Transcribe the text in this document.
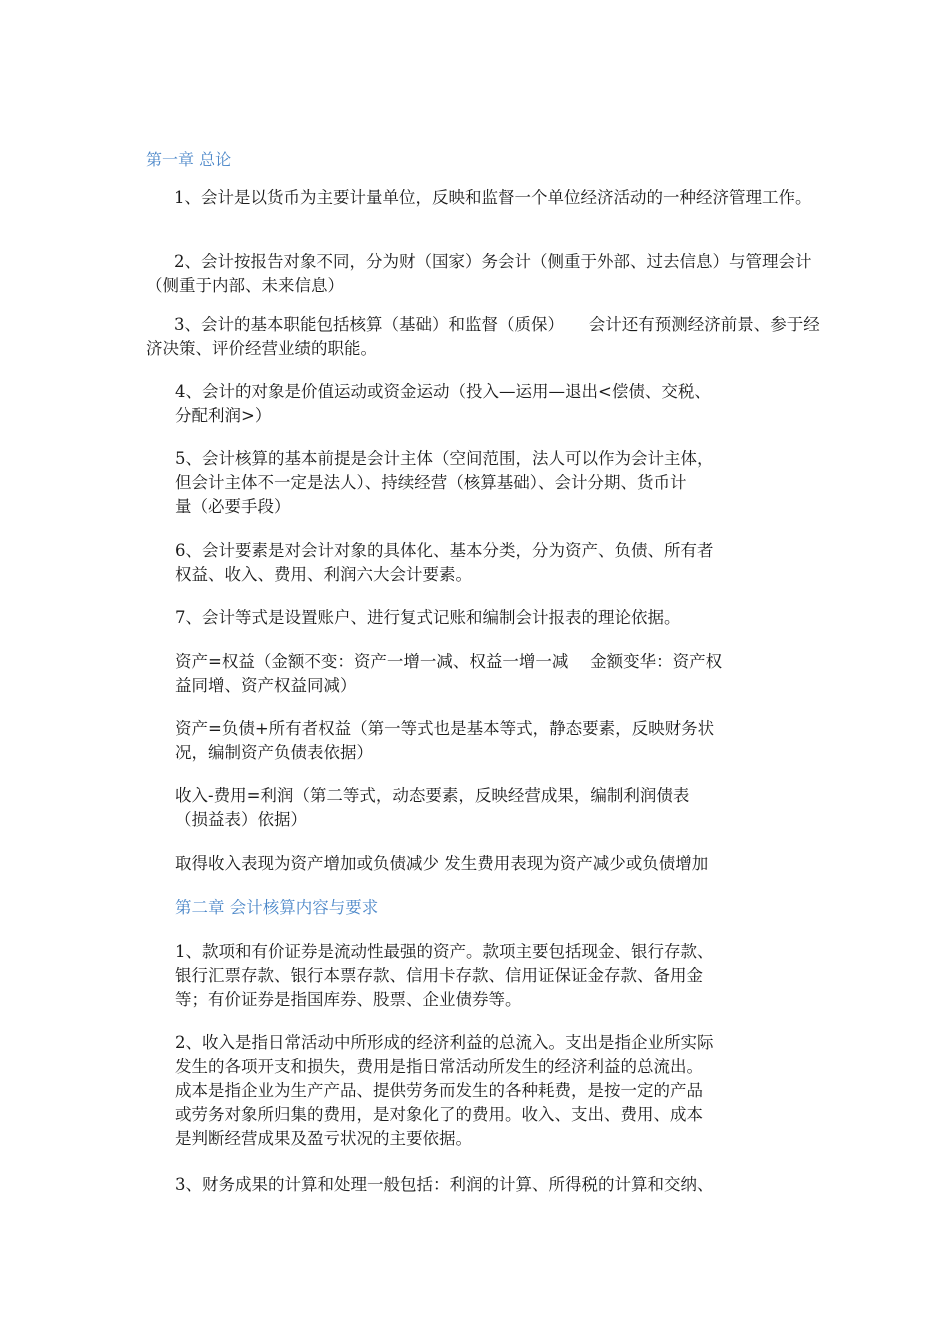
第一章 总论

1、会计是以货币为主要计量单位，反映和监督一个单位经济活动的一种经济管理工作。

2、会计按报告对象不同，分为财（国家）务会计（侧重于外部、过去信息）与管理会计（侧重于内部、未来信息）

3、会计的基本职能包括核算（基础）和监督（质保）　　会计还有预测经济前景、参于经济决策、评价经营业绩的职能。

4、会计的对象是价值运动或资金运动（投入—运用—退出<偿债、交税、
分配利润>）

5、会计核算的基本前提是会计主体（空间范围，法人可以作为会计主体，
但会计主体不一定是法人）、持续经营（核算基础）、会计分期、货币计
量（必要手段）

6、会计要素是对会计对象的具体化、基本分类，分为资产、负债、所有者
权益、收入、费用、利润六大会计要素。

7、会计等式是设置账户、进行复式记账和编制会计报表的理论依据。

资产=权益（金额不变：资产一增一减、权益一增一减　 金额变华：资产权
益同增、资产权益同减）

资产=负债+所有者权益（第一等式也是基本等式，静态要素，反映财务状
况，编制资产负债表依据）

收入-费用=利润（第二等式，动态要素，反映经营成果，编制利润债表
（损益表）依据）

取得收入表现为资产增加或负债减少 发生费用表现为资产减少或负债增加

第二章 会计核算内容与要求

1、款项和有价证券是流动性最强的资产。款项主要包括现金、银行存款、
银行汇票存款、银行本票存款、信用卡存款、信用证保证金存款、备用金
等；有价证券是指国库券、股票、企业债券等。

2、收入是指日常活动中所形成的经济利益的总流入。支出是指企业所实际
发生的各项开支和损失，费用是指日常活动所发生的经济利益的总流出。
成本是指企业为生产产品、提供劳务而发生的各种耗费，是按一定的产品
或劳务对象所归集的费用，是对象化了的费用。收入、支出、费用、成本
是判断经营成果及盈亏状况的主要依据。

3、财务成果的计算和处理一般包括：利润的计算、所得税的计算和交纳、
